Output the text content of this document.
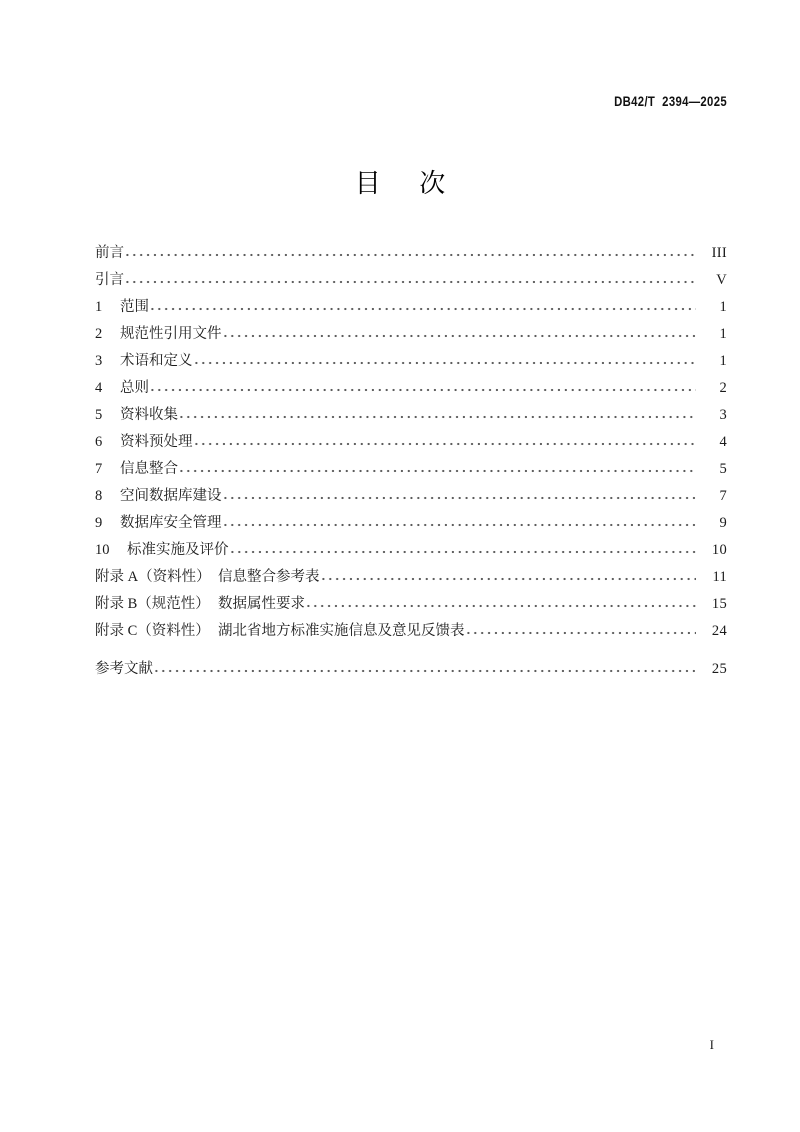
DB42/T  2394—2025
目 次
前言	III
引言	V
1	范围	1
2	规范性引用文件	1
3	术语和定义	1
4	总则	2
5	资料收集	3
6	资料预处理	4
7	信息整合	5
8	空间数据库建设	7
9	数据库安全管理	9
10	标准实施及评价	10
附录 A（资料性） 信息整合参考表	11
附录 B（规范性） 数据属性要求	15
附录 C（资料性） 湖北省地方标准实施信息及意见反馈表	24
参考文献	25
I
